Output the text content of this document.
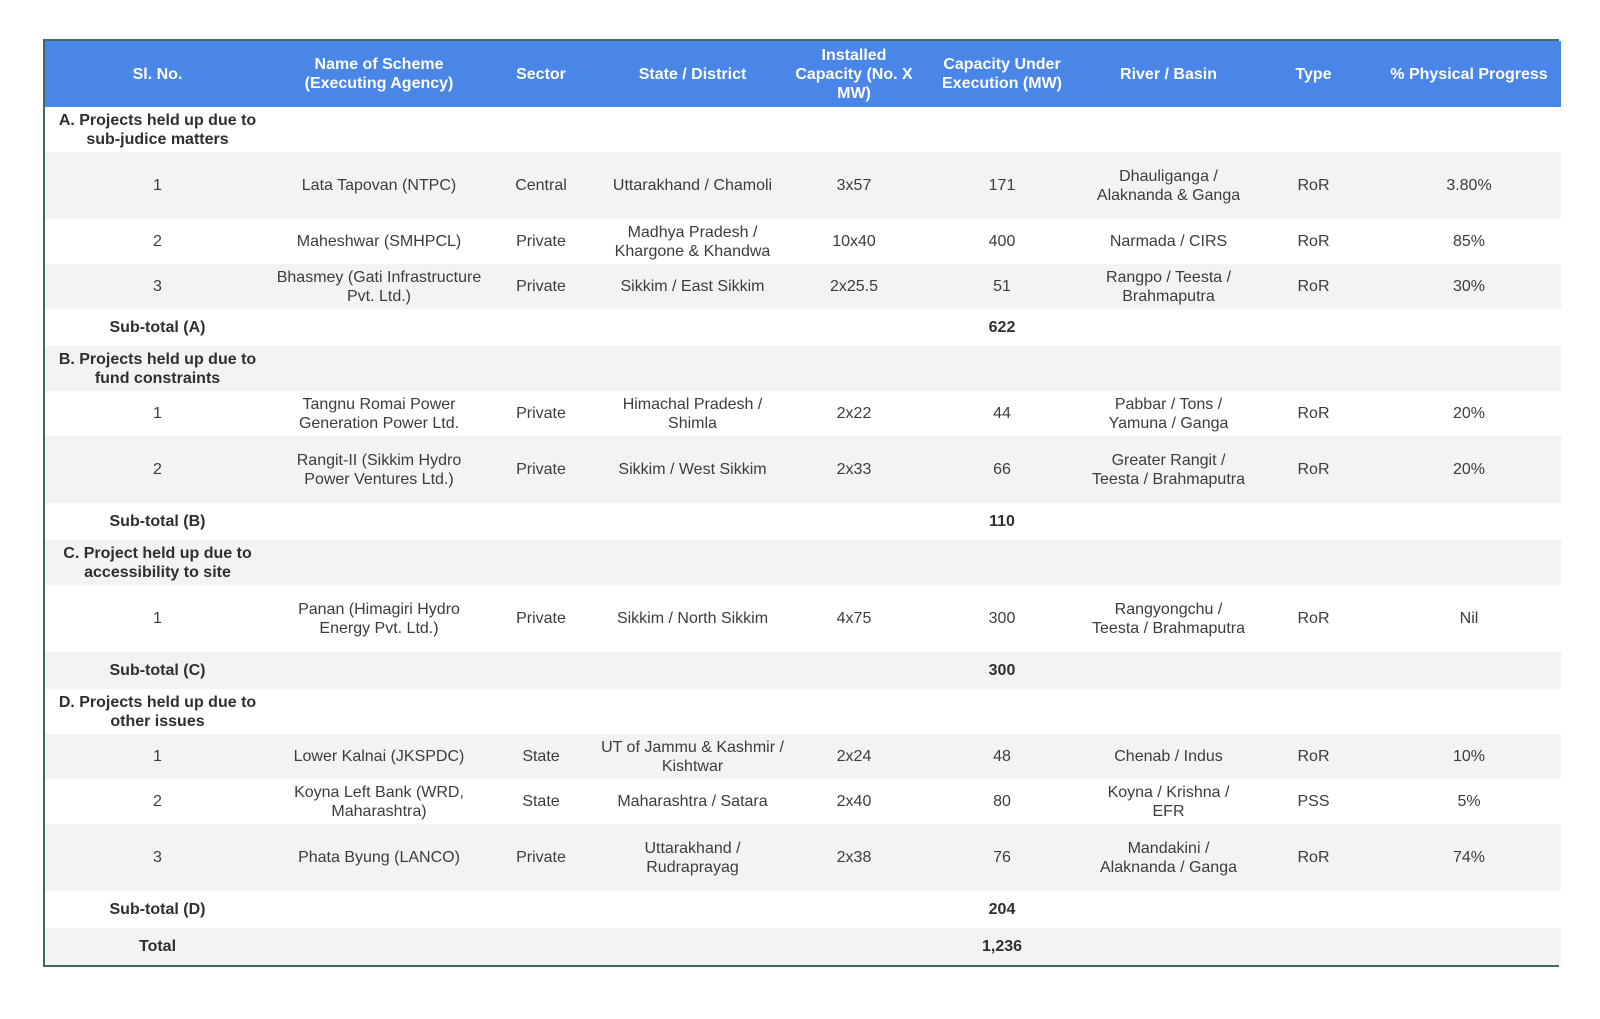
Sl. No.	Name of Scheme (Executing Agency)	Sector	State / District	Installed Capacity (No. X MW)	Capacity Under Execution (MW)	River / Basin	Type	% Physical Progress
A. Projects held up due to sub-judice matters								
1	Lata Tapovan (NTPC)	Central	Uttarakhand / Chamoli	3x57	171	Dhauliganga / Alaknanda & Ganga	RoR	3.80%
2	Maheshwar (SMHPCL)	Private	Madhya Pradesh / Khargone & Khandwa	10x40	400	Narmada / CIRS	RoR	85%
3	Bhasmey (Gati Infrastructure Pvt. Ltd.)	Private	Sikkim / East Sikkim	2x25.5	51	Rangpo / Teesta / Brahmaputra	RoR	30%
Sub-total (A)					622			
B. Projects held up due to fund constraints								
1	Tangnu Romai Power Generation Power Ltd.	Private	Himachal Pradesh / Shimla	2x22	44	Pabbar / Tons / Yamuna / Ganga	RoR	20%
2	Rangit-II (Sikkim Hydro Power Ventures Ltd.)	Private	Sikkim / West Sikkim	2x33	66	Greater Rangit / Teesta / Brahmaputra	RoR	20%
Sub-total (B)					110			
C. Project held up due to accessibility to site								
1	Panan (Himagiri Hydro Energy Pvt. Ltd.)	Private	Sikkim / North Sikkim	4x75	300	Rangyongchu / Teesta / Brahmaputra	RoR	Nil
Sub-total (C)					300			
D. Projects held up due to other issues								
1	Lower Kalnai (JKSPDC)	State	UT of Jammu & Kashmir / Kishtwar	2x24	48	Chenab / Indus	RoR	10%
2	Koyna Left Bank (WRD, Maharashtra)	State	Maharashtra / Satara	2x40	80	Koyna / Krishna / EFR	PSS	5%
3	Phata Byung (LANCO)	Private	Uttarakhand / Rudraprayag	2x38	76	Mandakini / Alaknanda / Ganga	RoR	74%
Sub-total (D)					204			
Total					1,236			
